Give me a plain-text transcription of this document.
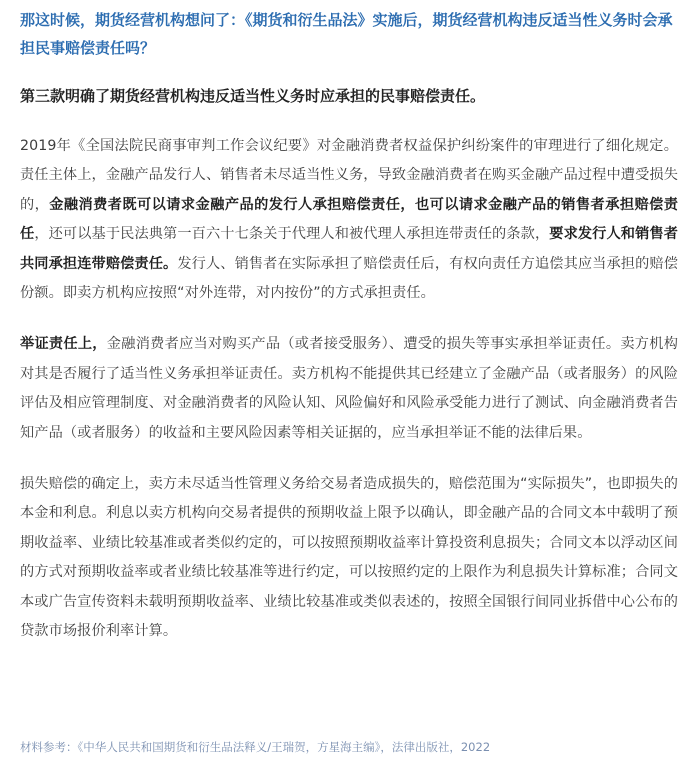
那这时候，期货经营机构想问了：《期货和衍生品法》实施后，期货经营机构违反适当性义务时会承担民事赔偿责任吗？

第三款明确了期货经营机构违反适当性义务时应承担的民事赔偿责任。

2019年《全国法院民商事审判工作会议纪要》对金融消费者权益保护纠纷案件的审理进行了细化规定。责任主体上，金融产品发行人、销售者未尽适当性义务，导致金融消费者在购买金融产品过程中遭受损失的，金融消费者既可以请求金融产品的发行人承担赔偿责任，也可以请求金融产品的销售者承担赔偿责任，还可以基于民法典第一百六十七条关于代理人和被代理人承担连带责任的条款，要求发行人和销售者共同承担连带赔偿责任。发行人、销售者在实际承担了赔偿责任后，有权向责任方追偿其应当承担的赔偿份额。即卖方机构应按照“对外连带，对内按份”的方式承担责任。

举证责任上，金融消费者应当对购买产品（或者接受服务）、遭受的损失等事实承担举证责任。卖方机构对其是否履行了适当性义务承担举证责任。卖方机构不能提供其已经建立了金融产品（或者服务）的风险评估及相应管理制度、对金融消费者的风险认知、风险偏好和风险承受能力进行了测试、向金融消费者告知产品（或者服务）的收益和主要风险因素等相关证据的，应当承担举证不能的法律后果。

损失赔偿的确定上，卖方未尽适当性管理义务给交易者造成损失的，赔偿范围为“实际损失”，也即损失的本金和利息。利息以卖方机构向交易者提供的预期收益上限予以确认，即金融产品的合同文本中载明了预期收益率、业绩比较基准或者类似约定的，可以按照预期收益率计算投资利息损失；合同文本以浮动区间的方式对预期收益率或者业绩比较基准等进行约定，可以按照约定的上限作为利息损失计算标准；合同文本或广告宣传资料未载明预期收益率、业绩比较基准或类似表述的，按照全国银行间同业拆借中心公布的贷款市场报价利率计算。

材料参考：《中华人民共和国期货和衍生品法释义/王瑞贺，方星海主编》，法律出版社，2022
